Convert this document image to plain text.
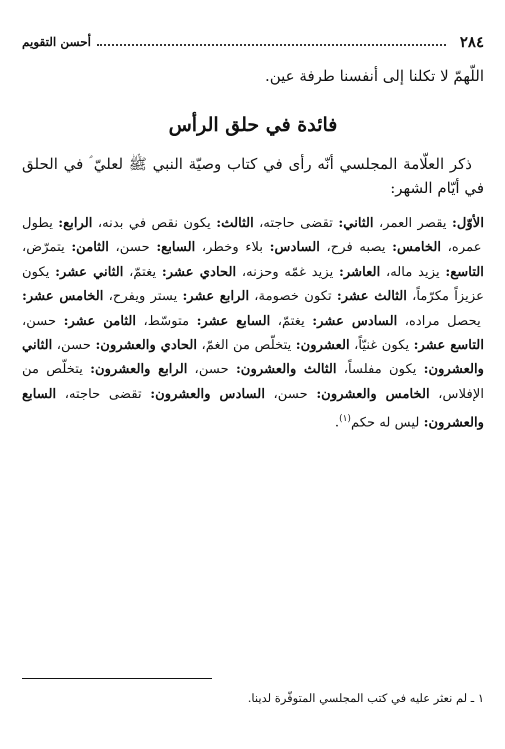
٢٨٤
أحسن التقويم
اللّهمّ لا تكلنا إلى أنفسنا طرفة عين.
فائدة في حلق الرأس
ذكر العلّامة المجلسي أنّه رأى في كتاب وصيّة النبي ﷺ لعليّ ؑ في الحلق في أيّام الشهر:
الأوّل: يقصر العمر، الثاني: تقضى حاجته، الثالث: يكون نقص في بدنه، الرابع: يطول عمره، الخامس: يصبه فرح، السادس: بلاء وخطر، السابع: حسن، الثامن: يتمرّض، التاسع: يزيد ماله، العاشر: يزيد غمّه وحزنه، الحادي عشر: يغتمّ، الثاني عشر: يكون عزيزاً مكرّماً، الثالث عشر: تكون خصومة، الرابع عشر: يستر ويفرح، الخامس عشر: يحصل مراده، السادس عشر: يغتمّ، السابع عشر: متوسّط، الثامن عشر: حسن، التاسع عشر: يكون غنيّاً، العشرون: يتخلّص من الغمّ، الحادي والعشرون: حسن، الثاني والعشرون: يكون مفلساً، الثالث والعشرون: حسن، الرابع والعشرون: يتخلّص من الإفلاس، الخامس والعشرون: حسن، السادس والعشرون: تقضى حاجته، السابع والعشرون: ليس له حكم$^{(١)}$.
١ ـ لم نعثر عليه في كتب المجلسي المتوفّرة لدينا.
